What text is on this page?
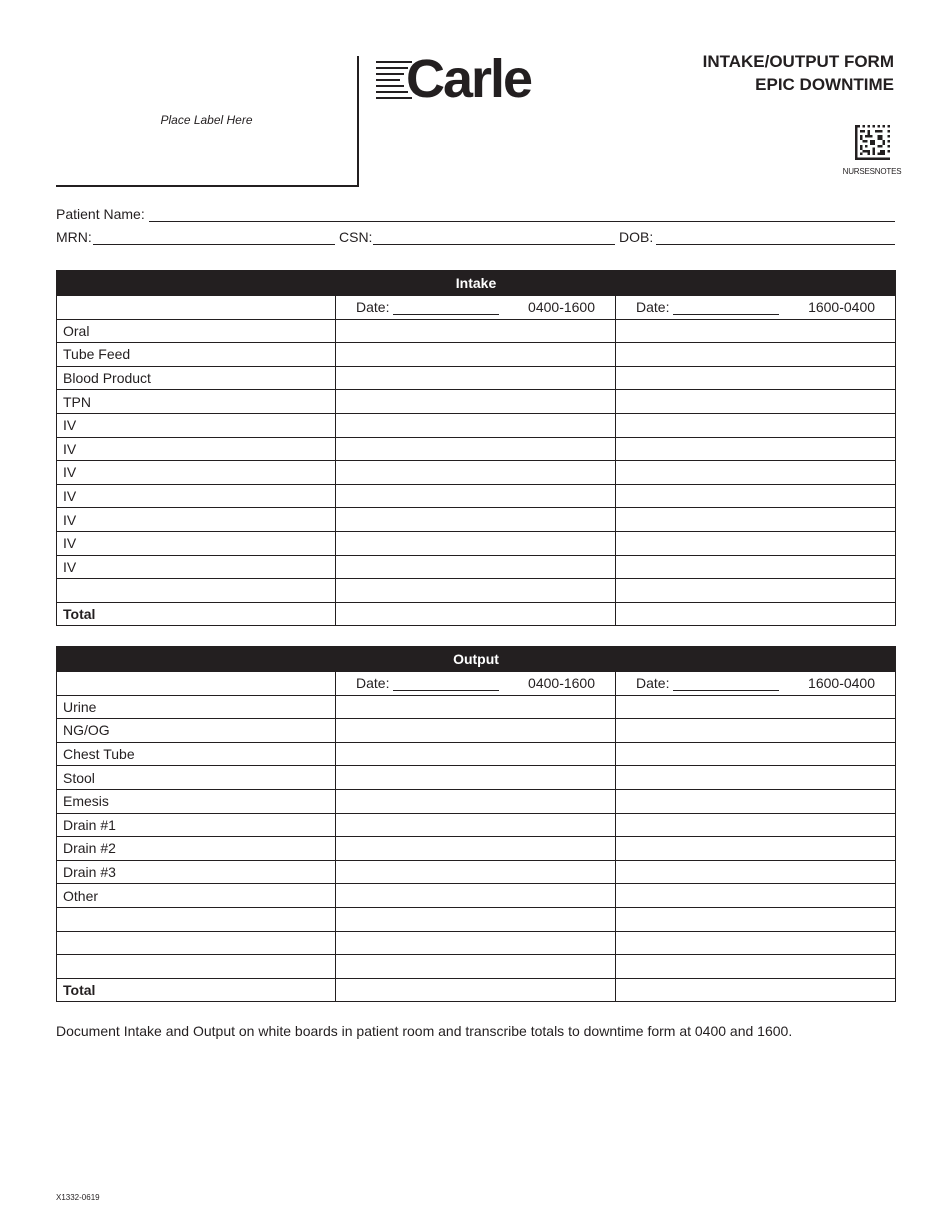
Place Label Here
Carle	INTAKE/OUTPUT FORM
EPIC DOWNTIME
NURSESNOTES
Patient Name:
MRN:	CSN:	DOB:
Intake		

	Date: 0400-1600	Date: 1600-0400

Oral		
Tube Feed		
Blood Product		
TPN		
IV		
IV		
IV		
IV		
IV		
IV		
IV		

Total		
Output		

	Date: 0400-1600	Date: 1600-0400

Urine		
NG/OG		
Chest Tube		
Stool		
Emesis		
Drain #1		
Drain #2		
Drain #3		
Other		

Total		
Document Intake and Output on white boards in patient room and transcribe totals to downtime form at 0400 and 1600.
X1332-0619
